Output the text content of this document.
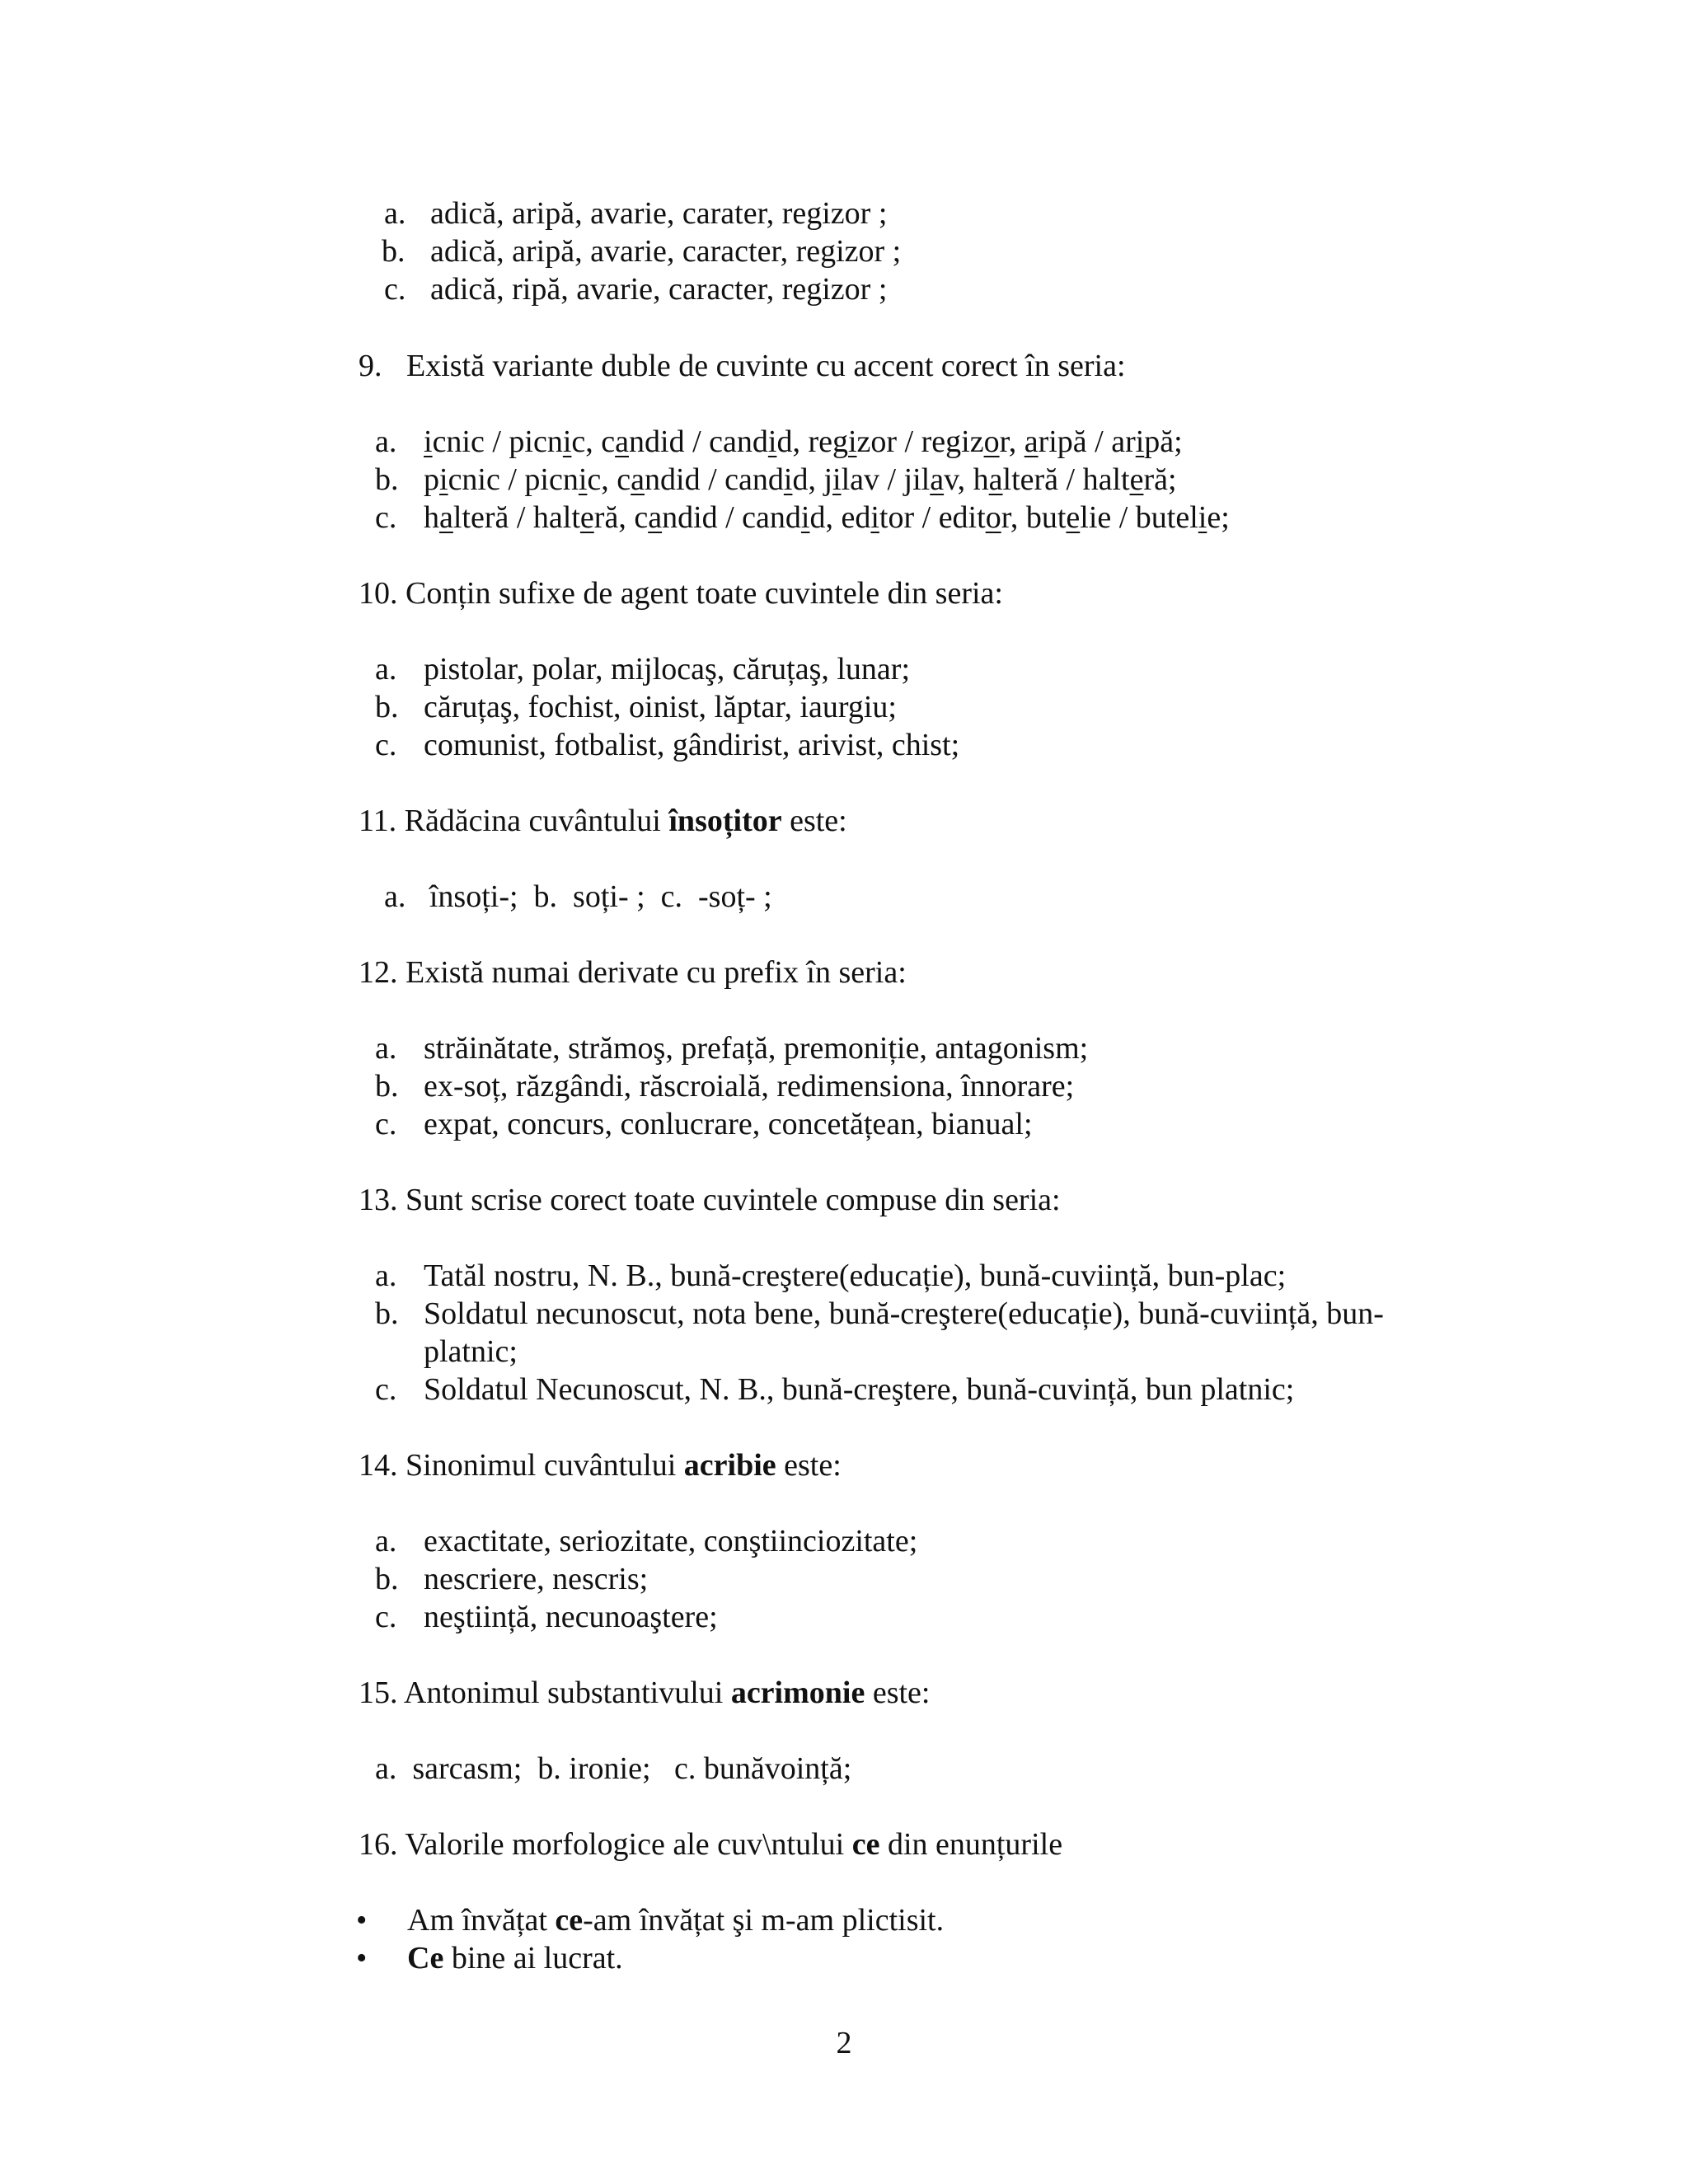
a. adică, aripă, avarie, carater, regizor ;
b. adică, aripă, avarie, caracter, regizor ;
c. adică, ripă, avarie, caracter, regizor ;
9. Există variante duble de cuvinte cu accent corect în seria:
a. icnic / picnic, candid / candid, regizor / regizor, aripă / aripă;
b. picnic / picnic, candid / candid, jilav / jilav, halteră / halteră;
c. halteră / halteră, candid / candid, editor / editor, butelie / butelie;
10. Conțin sufixe de agent toate cuvintele din seria:
a. pistolar, polar, mijlocaş, căruțaş, lunar;
b. căruțaş, fochist, oinist, lăptar, iaurgiu;
c. comunist, fotbalist, gândirist, arivist, chist;
11. Rădăcina cuvântului însoțitor este:
a.   însoți-;  b.  soți- ;  c.  -soț- ;
12. Există numai derivate cu prefix în seria:
a. străinătate, strămoş, prefață, premoniție, antagonism;
b. ex-soț, răzgândi, răscroială, redimensiona, înnorare;
c. expat, concurs, conlucrare, concetățean, bianual;
13. Sunt scrise corect toate cuvintele compuse din seria:
a. Tatăl nostru, N. B., bună-creştere(educație), bună-cuviință, bun-plac;
b. Soldatul necunoscut, nota bene, bună-creştere(educație), bună-cuviință, bun-
platnic;
c. Soldatul Necunoscut, N. B., bună-creştere, bună-cuvință, bun platnic;
14. Sinonimul cuvântului acribie este:
a. exactitate, seriozitate, conştiinciozitate;
b. nescriere, nescris;
c. neştiință, necunoaştere;
15. Antonimul substantivului acrimonie este:
a.  sarcasm;  b. ironie;   c. bunăvoință;
16. Valorile morfologice ale cuv\ntului ce din enunțurile
• Am învățat ce-am învățat şi m-am plictisit.
• Ce bine ai lucrat.
2
